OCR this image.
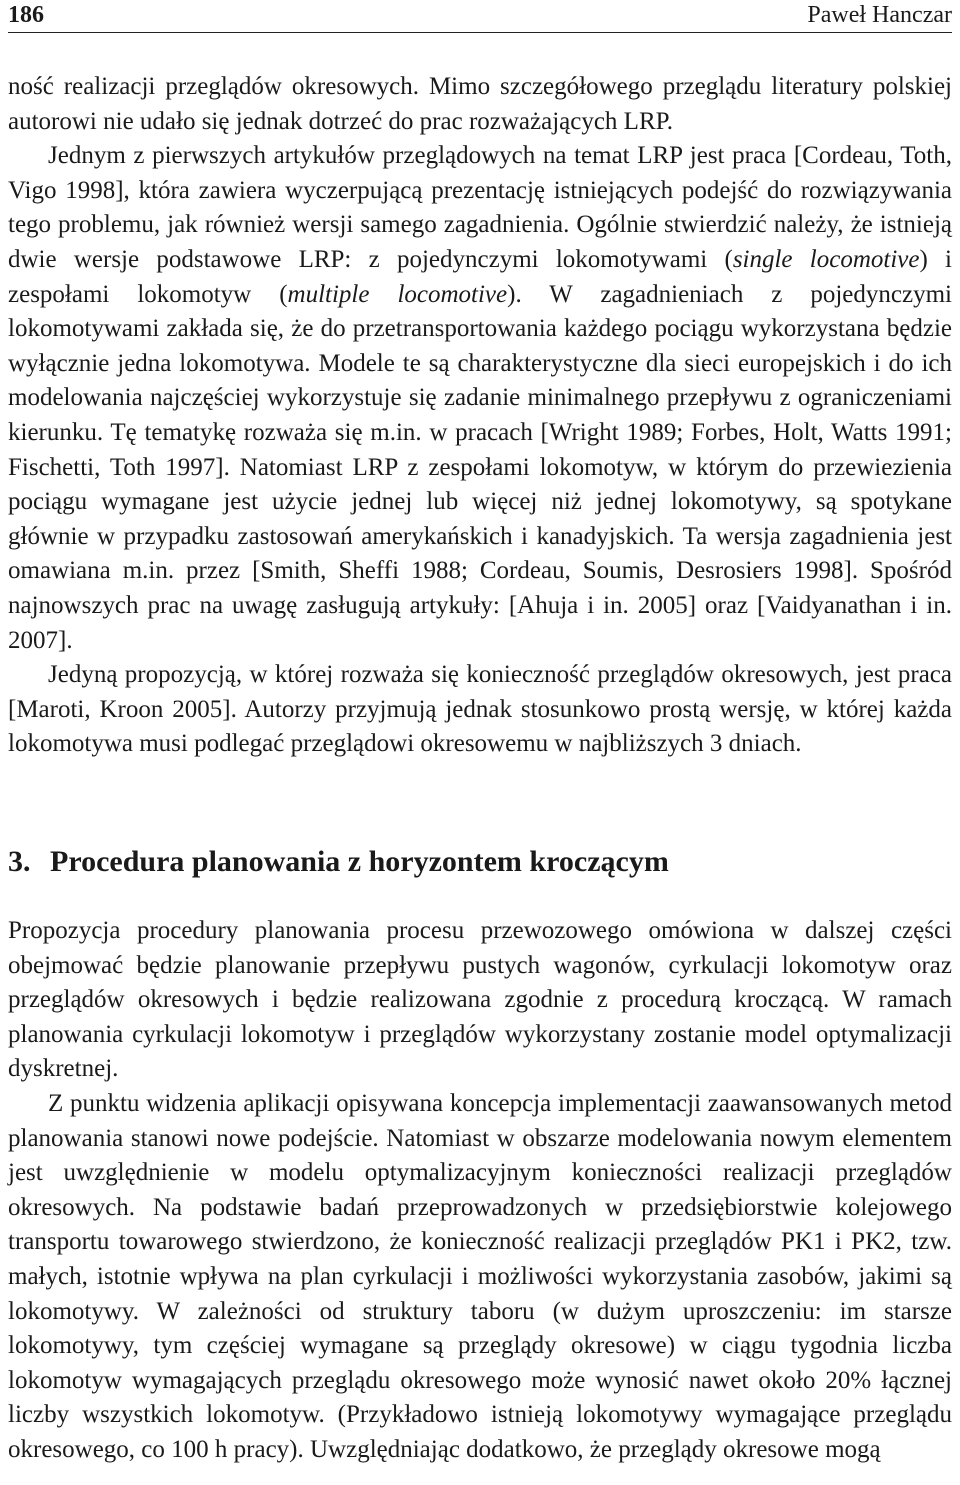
186	Paweł Hanczar

ność realizacji przeglądów okresowych. Mimo szczegółowego przeglądu literatury polskiej autorowi nie udało się jednak dotrzeć do prac rozważających LRP.

Jednym z pierwszych artykułów przeglądowych na temat LRP jest praca [Cordeau, Toth, Vigo 1998], która zawiera wyczerpującą prezentację istniejących podejść do rozwiązywania tego problemu, jak również wersji samego zagadnienia. Ogólnie stwierdzić należy, że istnieją dwie wersje podstawowe LRP: z pojedynczymi lokomotywami (single locomotive) i zespołami lokomotyw (multiple locomotive). W zagadnieniach z pojedynczymi lokomotywami zakłada się, że do przetransportowania każdego pociągu wykorzystana będzie wyłącznie jedna lokomotywa. Modele te są charakterystyczne dla sieci europejskich i do ich modelowania najczęściej wykorzystuje się zadanie minimalnego przepływu z ograniczeniami kierunku. Tę tematykę rozważa się m.in. w pracach [Wright 1989; Forbes, Holt, Watts 1991; Fischetti, Toth 1997]. Natomiast LRP z zespołami lokomotyw, w którym do przewiezienia pociągu wymagane jest użycie jednej lub więcej niż jednej lokomotywy, są spotykane głównie w przypadku zastosowań amerykańskich i kanadyjskich. Ta wersja zagadnienia jest omawiana m.in. przez [Smith, Sheffi 1988; Cordeau, Soumis, Desrosiers 1998]. Spośród najnowszych prac na uwagę zasługują artykuły: [Ahuja i in. 2005] oraz [Vaidyanathan i in. 2007].

Jedyną propozycją, w której rozważa się konieczność przeglądów okresowych, jest praca [Maroti, Kroon 2005]. Autorzy przyjmują jednak stosunkowo prostą wersję, w której każda lokomotywa musi podlegać przeglądowi okresowemu w najbliższych 3 dniach.

3. Procedura planowania z horyzontem kroczącym

Propozycja procedury planowania procesu przewozowego omówiona w dalszej części obejmować będzie planowanie przepływu pustych wagonów, cyrkulacji lokomotyw oraz przeglądów okresowych i będzie realizowana zgodnie z procedurą kroczącą. W ramach planowania cyrkulacji lokomotyw i przeglądów wykorzystany zostanie model optymalizacji dyskretnej.

Z punktu widzenia aplikacji opisywana koncepcja implementacji zaawansowanych metod planowania stanowi nowe podejście. Natomiast w obszarze modelowania nowym elementem jest uwzględnienie w modelu optymalizacyjnym konieczności realizacji przeglądów okresowych. Na podstawie badań przeprowadzonych w przedsiębiorstwie kolejowego transportu towarowego stwierdzono, że konieczność realizacji przeglądów PK1 i PK2, tzw. małych, istotnie wpływa na plan cyrkulacji i możliwości wykorzystania zasobów, jakimi są lokomotywy. W zależności od struktury taboru (w dużym uproszczeniu: im starsze lokomotywy, tym częściej wymagane są przeglądy okresowe) w ciągu tygodnia liczba lokomotyw wymagających przeglądu okresowego może wynosić nawet około 20% łącznej liczby wszystkich lokomotyw. (Przykładowo istnieją lokomotywy wymagające przeglądu okresowego, co 100 h pracy). Uwzględniając dodatkowo, że przeglądy okresowe mogą
